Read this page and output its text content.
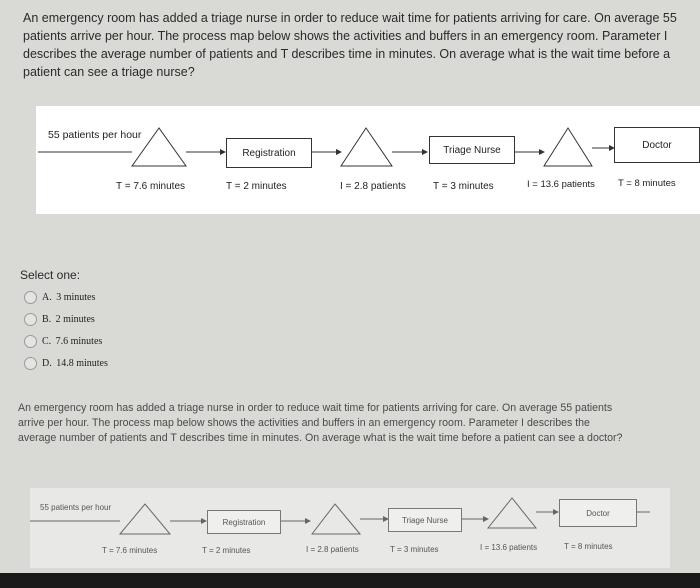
An emergency room has added a triage nurse in order to reduce wait time for patients arriving for care. On average 55 patients arrive per hour. The process map below shows the activities and buffers in an emergency room. Parameter I describes the average number of patients and T describes time in minutes. On average what is the wait time before a patient can see a triage nurse?

55 patients per hour
Registration	Triage Nurse	Doctor
T = 7.6 minutes	T = 2 minutes	I = 2.8 patients	T = 3 minutes	I = 13.6 patients T = 8 minutes
Select one:
A.
3 minutes
B.
2 minutes
C.
7.6 minutes
D.
14.8 minutes

An emergency room has added a triage nurse in order to reduce wait time for patients arriving for care. On average 55 patients arrive per hour. The process map below shows the activities and buffers in an emergency room. Parameter I describes the average number of patients and T describes time in minutes. On average what is the wait time before a patient can see a doctor?

55 patients per hour
Registration	Triage Nurse
Doctor
T = 7.6 minutes	T = 2 minutes	I = 2.8 patients	T = 3 minutes	I = 13.6 patients	T = 8 minutes
